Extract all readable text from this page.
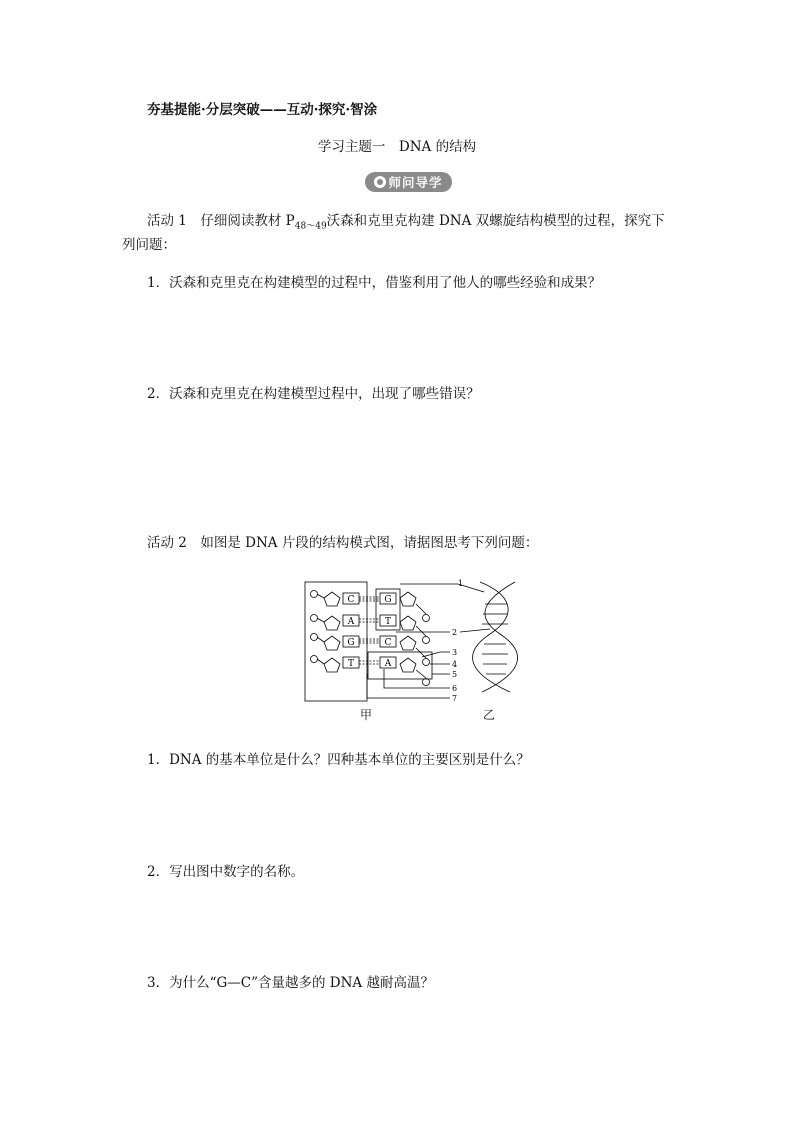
夯基提能·分层突破——互动·探究·智涂
学习主题一　DNA 的结构
师问导学
活动 1　仔细阅读教材 $P_{48\sim 49}$沃森和克里克构建 DNA 双螺旋结构模型的过程，探究下
列问题：
1．沃森和克里克在构建模型的过程中，借鉴利用了他人的哪些经验和成果？
2．沃森和克里克在构建模型过程中，出现了哪些错误？
活动 2　如图是 DNA 片段的结构模式图，请据图思考下列问题：
C
A
G
T
G
T
C
A
1
2
3
4
5
6
7
甲	乙
1．DNA 的基本单位是什么？四种基本单位的主要区别是什么？
2．写出图中数字的名称。
3．为什么“G—C”含量越多的 DNA 越耐高温？
